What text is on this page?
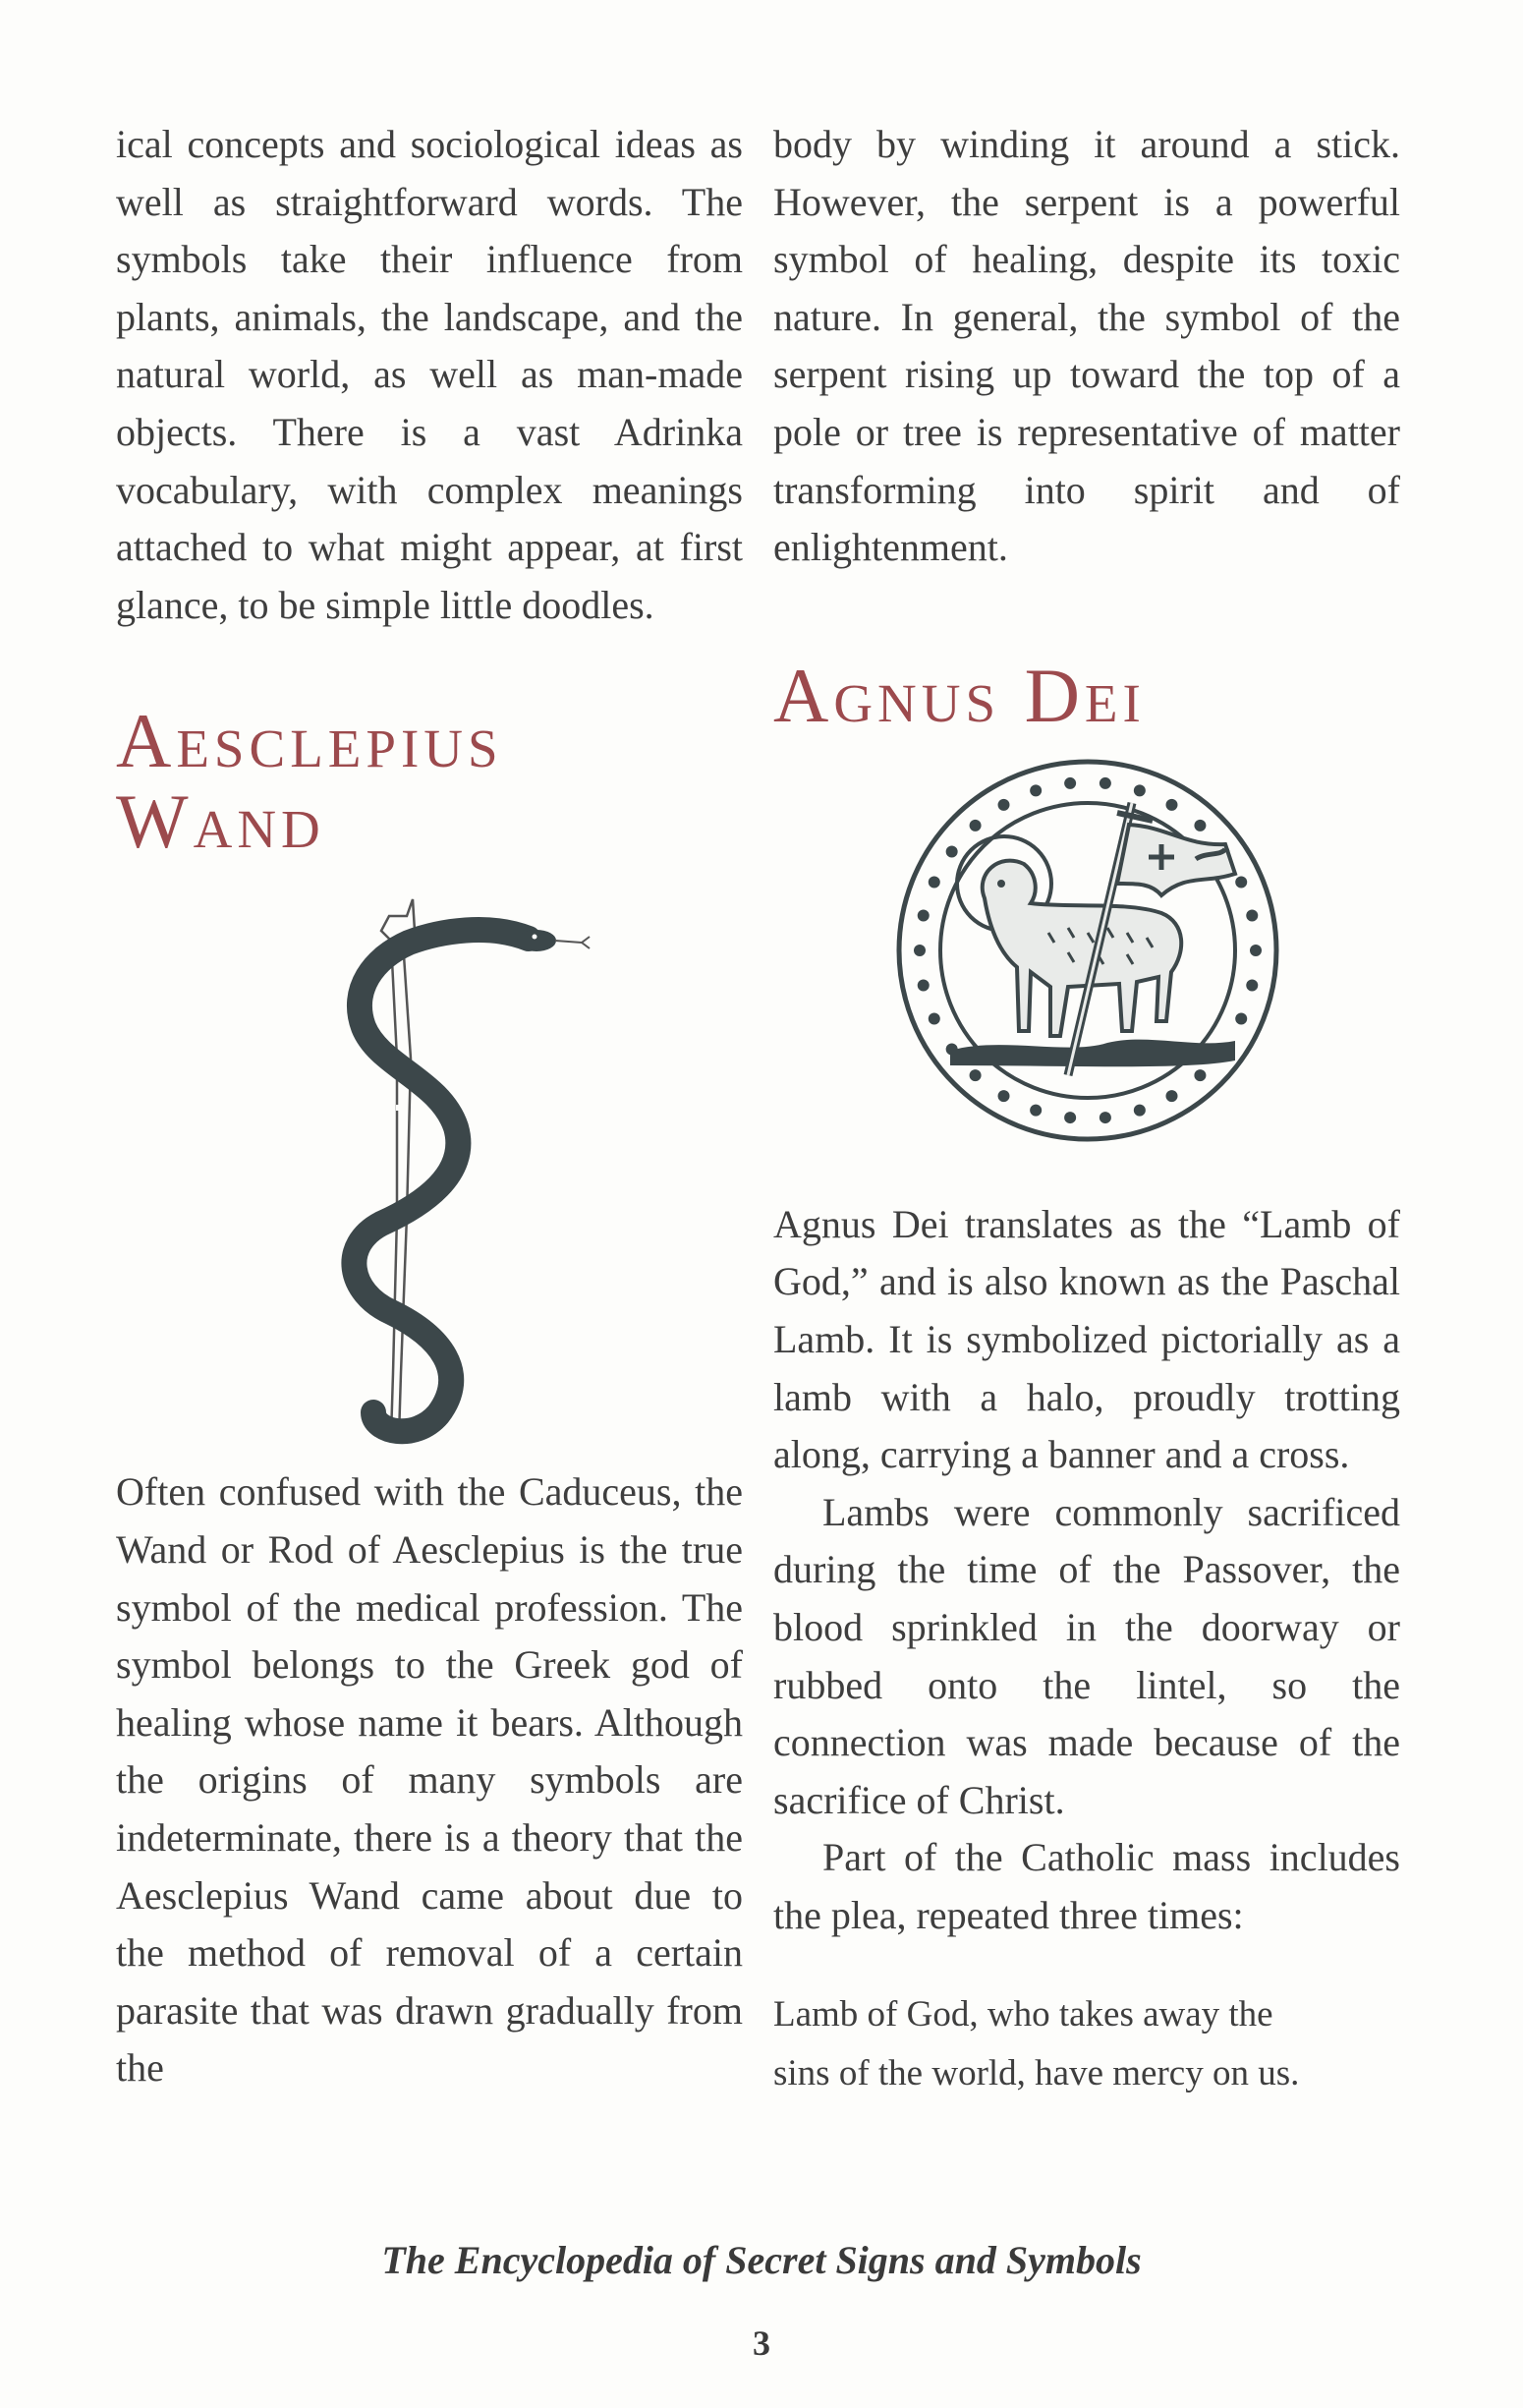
ical concepts and sociological ideas as well as straightforward words. The symbols take their influence from plants, animals, the landscape, and the natural world, as well as man-made objects. There is a vast Adrinka vocabulary, with complex meanings attached to what might appear, at first glance, to be simple little doodles.

Aesclepius
Wand

Often confused with the Caduceus, the Wand or Rod of Aesclepius is the true symbol of the medical profession. The symbol belongs to the Greek god of healing whose name it bears. Although the origins of many symbols are indeterminate, there is a theory that the Aesclepius Wand came about due to the method of removal of a certain parasite that was drawn gradually from the

body by winding it around a stick. However, the serpent is a powerful symbol of healing, despite its toxic nature. In general, the symbol of the serpent rising up toward the top of a pole or tree is representative of matter transforming into spirit and of enlightenment.

Agnus Dei

Agnus Dei translates as the “Lamb of God,” and is also known as the Paschal Lamb. It is symbolized pictorially as a lamb with a halo, proudly trotting along, carrying a banner and a cross.

Lambs were commonly sacrificed during the time of the Passover, the blood sprinkled in the doorway or rubbed onto the lintel, so the connection was made because of the sacrifice of Christ.

Part of the Catholic mass includes the plea, repeated three times:

Lamb of God, who takes away the

sins of the world, have mercy on us.

The Encyclopedia of Secret Signs and Symbols
3
